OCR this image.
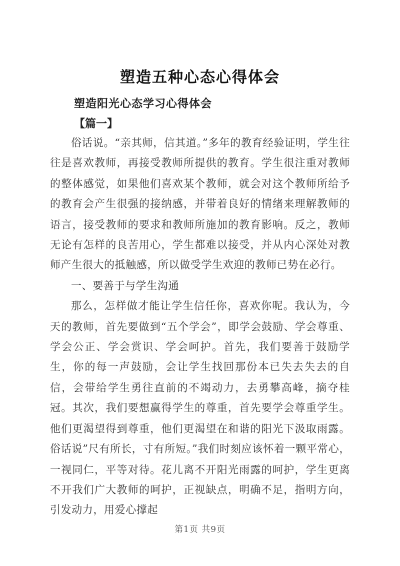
塑造五种心态心得体会
塑造阳光心态学习心得体会
【篇一】

俗话说。“亲其师，信其道。”多年的教育经验证明，学生往往是喜欢教师，再接受教师所提供的教育。学生很注重对教师的整体感觉，如果他们喜欢某个教师，就会对这个教师所给予的教育会产生很强的接纳感，并带着良好的情绪来理解教师的语言，接受教师的要求和教师所施加的教育影响。反之，教师无论有怎样的良苦用心，学生都难以接受，并从内心深处对教师产生很大的抵触感，所以做受学生欢迎的教师已势在必行。

一、要善于与学生沟通

那么，怎样做才能让学生信任你，喜欢你呢。我认为，今天的教师，首先要做到“五个学会”，即学会鼓励、学会尊重、学会公正、学会赏识、学会呵护。首先，我们要善于鼓励学生，你的每一声鼓励，会让学生找回那份本已失去失去的自信，会带给学生勇往直前的不竭动力，去勇攀高峰，摘夺桂冠。其次，我们要想赢得学生的尊重，首先要学会尊重学生。他们更渴望得到尊重，他们更渴望在和谐的阳光下汲取雨露。俗话说”尺有所长，寸有所短。”我们时刻应该怀着一颗平常心，一视同仁，平等对待。花儿离不开阳光雨露的呵护，学生更离不开我们广大教师的呵护，正视缺点，明确不足，指明方向，引发动力，用爱心撑起

第1页 共9页
